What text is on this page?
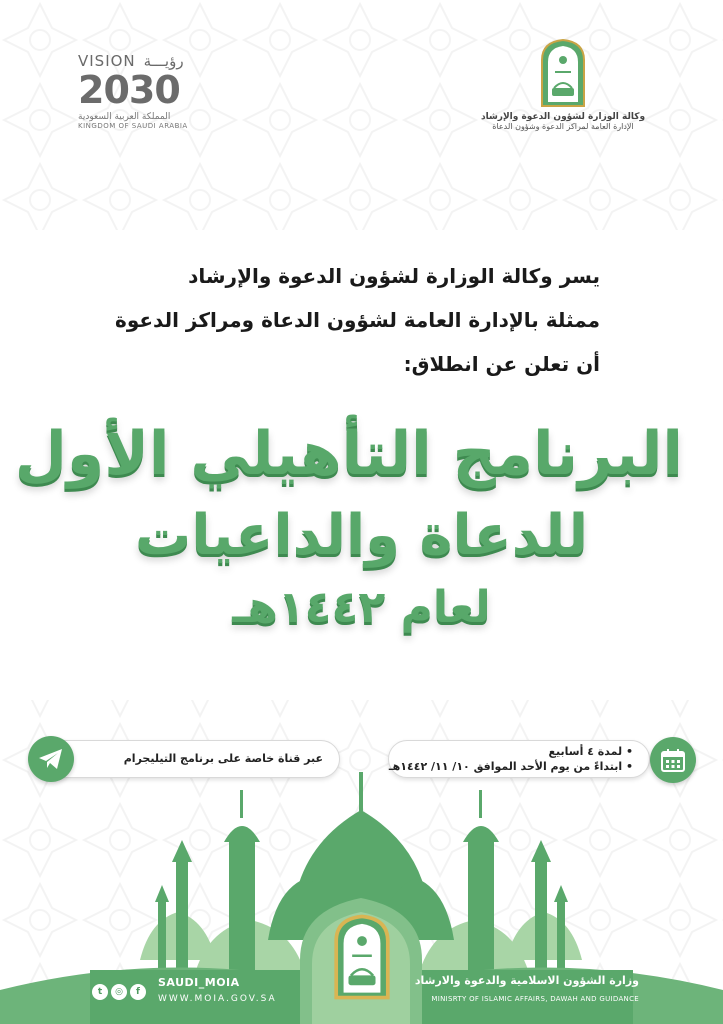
VISION رؤيـــة
2030
المملكة العربية السعودية
KINGDOM OF SAUDI ARABIA
وكالة الوزارة لشؤون الدعوة والإرشاد
الإدارة العامة لمراكز الدعوة وشؤون الدعاة

يسر وكالة الوزارة لشؤون الدعوة والإرشاد

ممثلة بالإدارة العامة لشؤون الدعاة ومراكز الدعوة

أن تعلن عن انطلاق:

البرنامج التأهيلي الأول
للدعاة والداعيات
لعام ١٤٤٢هـ
عبر قناة خاصة على برنامج التيليجرام
• لمدة ٤ أسابيع
• ابتداءً من يوم الأحد الموافق ١٠/ ١١/ ١٤٤٢هـ
t	◎	f
SAUDI_MOIA
WWW.MOIA.GOV.SA
وزارة الشؤون الاسلامية والدعوة والارشاد
MINISRTY OF ISLAMIC AFFAIRS, DAWAH AND GUIDANCE
